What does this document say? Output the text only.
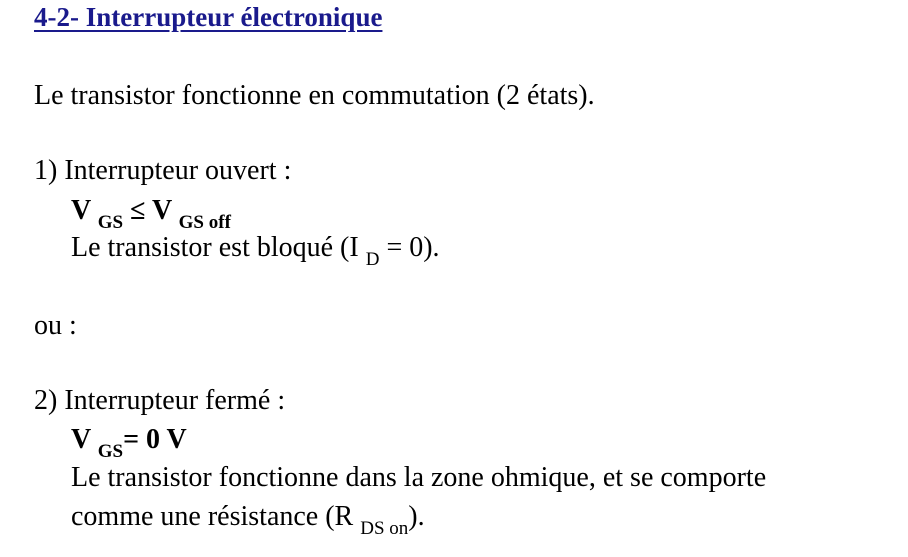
4-2- Interrupteur électronique
Le transistor fonctionne en commutation (2 états).
1) Interrupteur ouvert :
V $_{GS}$ ≤ V $_{GS off}$
Le transistor est bloqué (I $_D$ = 0).
ou :
2) Interrupteur fermé :
V $_{GS}$= 0 V
Le transistor fonctionne dans la zone ohmique, et se comporte
comme une résistance (R $_{DS on}$).
